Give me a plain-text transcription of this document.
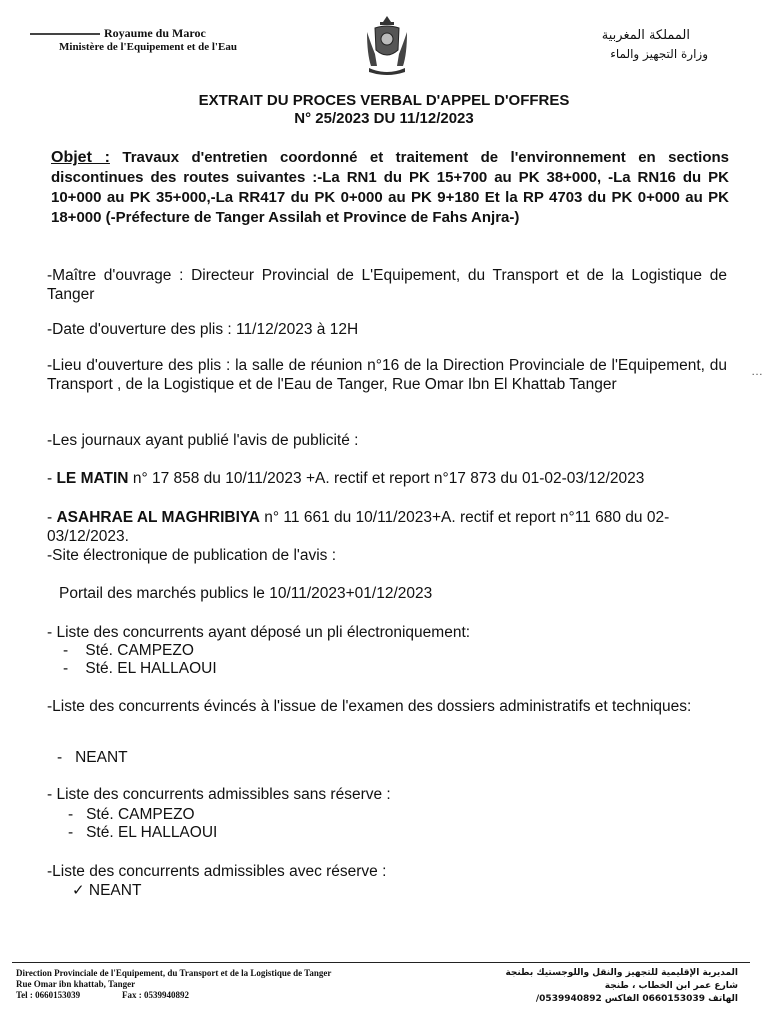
Royaume du Maroc
Ministère de l'Equipement et de l'Eau
المملكة المغربية
وزارة التجهيز والماء
EXTRAIT DU PROCES VERBAL D'APPEL D'OFFRES
N° 25/2023 DU 11/12/2023
Objet : Travaux d'entretien coordonné et traitement de l'environnement en sections discontinues des routes suivantes :-La RN1 du PK 15+700 au PK 38+000, -La RN16 du PK 10+000 au PK 35+000,-La RR417 du PK 0+000 au PK 9+180 Et la RP 4703 du PK 0+000 au PK 18+000 (-Préfecture de Tanger Assilah et Province de Fahs Anjra-)
-Maître d'ouvrage : Directeur Provincial de L'Equipement, du Transport et de la Logistique de Tanger
-Date d'ouverture des plis : 11/12/2023 à 12H
-Lieu d'ouverture des plis : la salle de réunion n°16 de la Direction Provinciale de l'Equipement, du Transport , de la Logistique et de l'Eau de Tanger, Rue Omar Ibn El Khattab Tanger
…
-Les journaux ayant publié l'avis de publicité :
- LE MATIN n° 17 858 du 10/11/2023 +A. rectif et report n°17 873 du 01-02-03/12/2023
- ASAHRAE AL MAGHRIBIYA n° 11 661 du 10/11/2023+A. rectif et report n°11 680 du 02-03/12/2023.
-Site électronique de publication de l'avis :
Portail des marchés publics le 10/11/2023+01/12/2023
- Liste des concurrents ayant déposé un pli électroniquement:
-    Sté. CAMPEZO
-    Sté. EL HALLAOUI
-Liste des concurrents évincés à l'issue de l'examen des dossiers administratifs et techniques:
-   NEANT
- Liste des concurrents admissibles sans réserve :
-   Sté. CAMPEZO
-   Sté. EL HALLAOUI
-Liste des concurrents admissibles avec réserve :
✓ NEANT
Direction Provinciale de l'Equipement, du Transport et de la Logistique de Tanger
Rue Omar ibn khattab, Tanger
Tel : 0660153039	Fax : 0539940892
المديرية الإقليمية للتجهيز والنقل واللوجستيك بطنجة
شارع عمر ابن الخطاب ، طنجة
الهاتف 0660153039 الفاكس 0539940892/
